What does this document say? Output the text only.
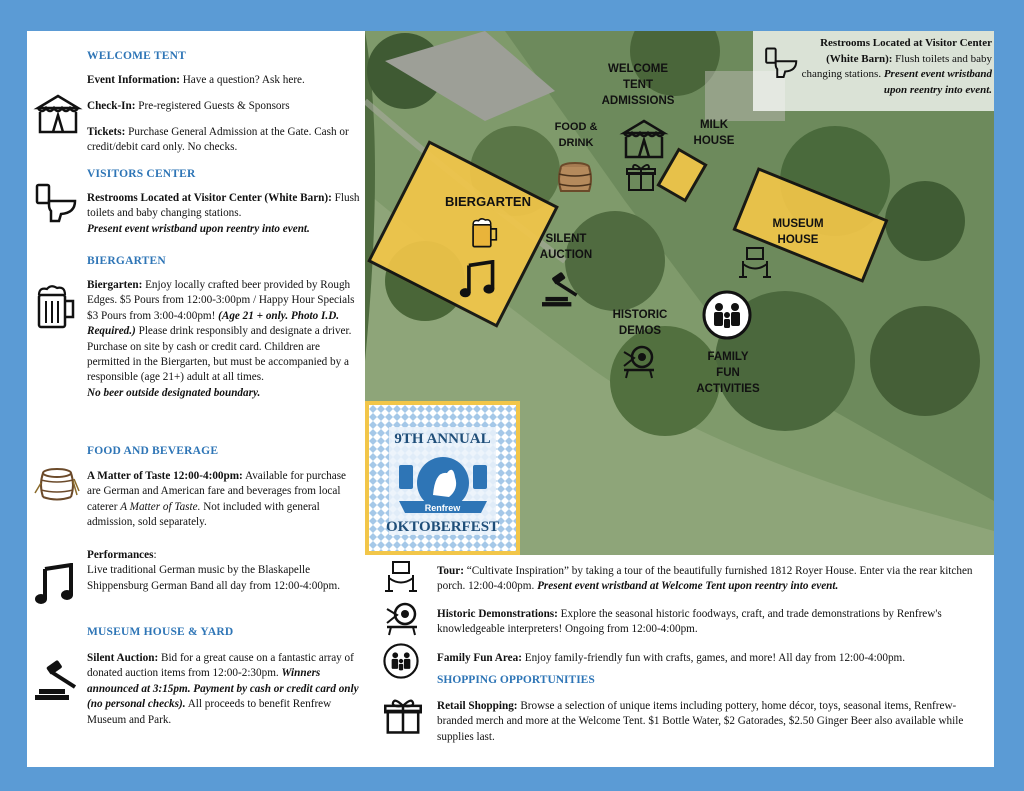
WELCOME TENT
Event Information: Have a question? Ask here.
Check-In: Pre-registered Guests & Sponsors
Tickets: Purchase General Admission at the Gate. Cash or credit/debit card only. No checks.
VISITORS CENTER
Restrooms Located at Visitor Center (White Barn): Flush toilets and baby changing stations.
Present event wristband upon reentry into event.
BIERGARTEN
Biergarten: Enjoy locally crafted beer provided by Rough Edges. $5 Pours from 12:00-3:00pm / Happy Hour Specials $3 Pours from 3:00-4:00pm! (Age 21 + only. Photo I.D. Required.) Please drink responsibly and designate a driver. Purchase on site by cash or credit card. Children are permitted in the Biergarten, but must be accompanied by a responsible (age 21+) adult at all times.
No beer outside designated boundary.
FOOD AND BEVERAGE
A Matter of Taste 12:00-4:00pm: Available for purchase are German and American fare and beverages from local caterer A Matter of Taste. Not included with general admission, sold separately.
Performances:
Live traditional German music by the Blaskapelle Shippensburg German Band all day from 12:00-4:00pm.
MUSEUM HOUSE & YARD
Silent Auction: Bid for a great cause on a fantastic array of donated auction items from 12:00-2:30pm. Winners announced at 3:15pm. Payment by cash or credit card only (no personal checks). All proceeds to benefit Renfrew Museum and Park.
Restrooms Located at Visitor Center (White Barn): Flush toilets and baby changing stations. Present event wristband upon reentry into event.
WELCOME
TENT
ADMISSIONS
FOOD &
DRINK
MILK
HOUSE
BIERGARTEN
SILENT
AUCTION
MUSEUM
HOUSE
HISTORIC
DEMOS
FAMILY
FUN
ACTIVITIES
9TH ANNUAL
Renfrew
OKTOBERFEST
Tour: “Cultivate Inspiration” by taking a tour of the beautifully furnished 1812 Royer House. Enter via the rear kitchen porch. 12:00-4:00pm. Present event wristband at Welcome Tent upon reentry into event.
Historic Demonstrations: Explore the seasonal historic foodways, craft, and trade demonstrations by Renfrew's knowledgeable interpreters! Ongoing from 12:00-4:00pm.
Family Fun Area: Enjoy family-friendly fun with crafts, games, and more! All day from 12:00-4:00pm.
SHOPPING OPPORTUNITIES
Retail Shopping: Browse a selection of unique items including pottery, home décor, toys, seasonal items, Renfrew-branded merch and more at the Welcome Tent. $1 Bottle Water, $2 Gatorades, $2.50 Ginger Beer also available while supplies last.
